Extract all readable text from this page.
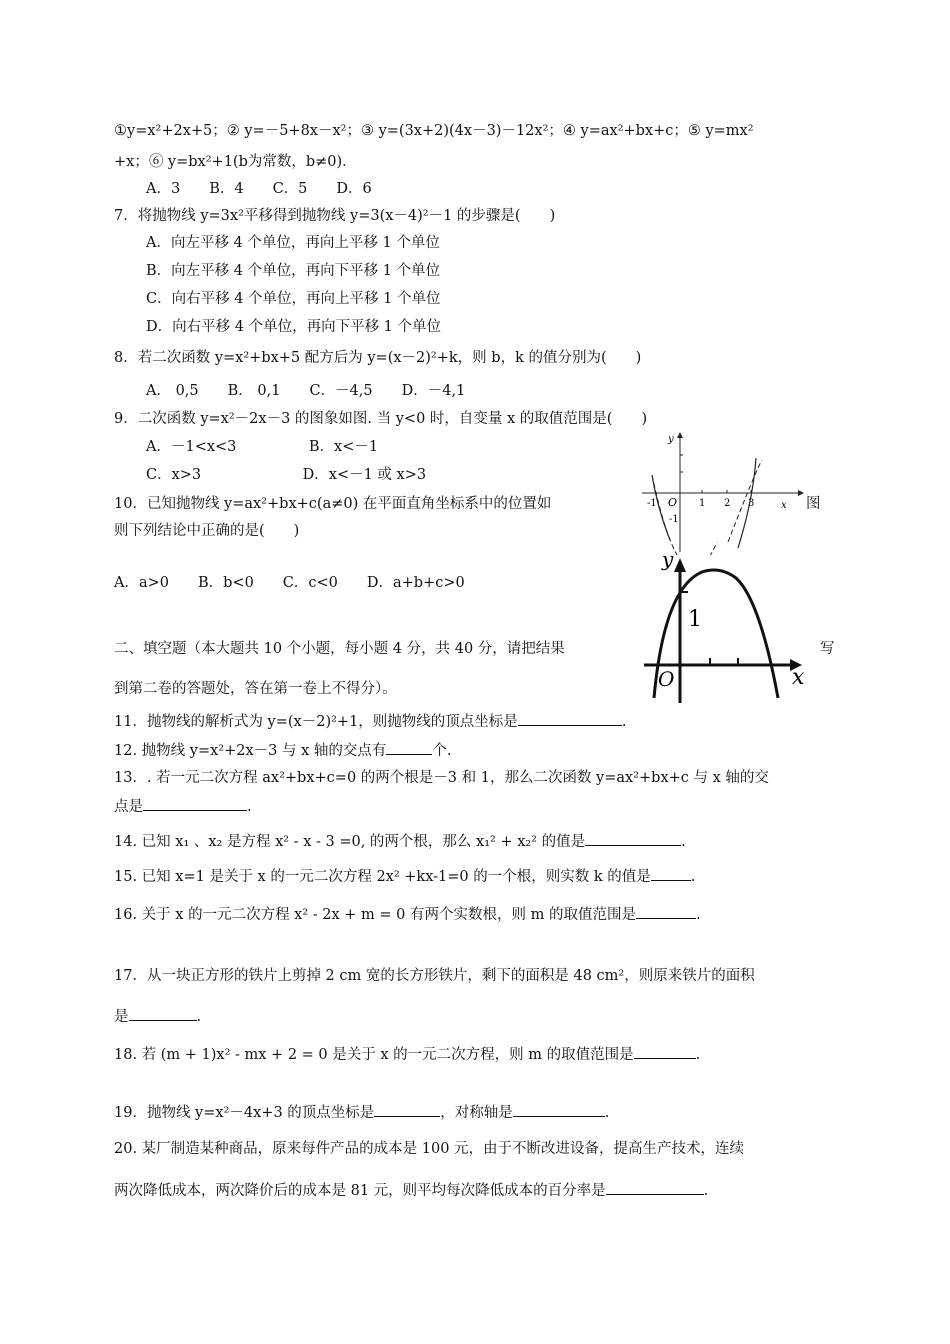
①y=x²+2x+5；② y=－5+8x－x²；③ y=(3x+2)(4x－3)－12x²；④ y=ax²+bx+c；⑤ y=mx²
+x；⑥ y=bx²+1(b为常数，b≠0)．
A．3　　B．4　　C．5　　D．6
7．将抛物线 y=3x²平移得到抛物线 y=3(x－4)²－1 的步骤是(　　)
A．向左平移 4 个单位，再向上平移 1 个单位
B．向左平移 4 个单位，再向下平移 1 个单位
C．向右平移 4 个单位，再向上平移 1 个单位
D．向右平移 4 个单位，再向下平移 1 个单位
8．若二次函数 y=x²+bx+5 配方后为 y=(x－2)²+k，则 b，k 的值分别为(　　)
A． 0,5　　B． 0,1　　C．－4,5　　D．－4,1
9．二次函数 y=x²－2x－3 的图象如图. 当 y<0 时，自变量 x 的取值范围是(　　)
A．－1<x<3　　　　　B．x<－1
C．x>3　　　　　　　D．x<－1 或 x>3
10．已知抛物线 y=ax²+bx+c(a≠0) 在平面直角坐标系中的位置如	图
则下列结论中正确的是(　　)
A．a>0　　B．b<0　　C．c<0　　D．a+b+c>0
二、填空题（本大题共 10 个小题，每小题 4 分，共 40 分，请把结果	写
到第二卷的答题处，答在第一卷上不得分）。
11．抛物线的解析式为 y=(x－2)²+1，则抛物线的顶点坐标是	.
12. 抛物线 y=x²+2x－3 与 x 轴的交点有	个.
13．. 若一元二次方程 ax²+bx+c=0 的两个根是－3 和 1，那么二次函数 y=ax²+bx+c 与 x 轴的交
点是	.
14. 已知 x₁ 、x₂ 是方程 x² - x - 3 =0, 的两个根，那么 x₁² + x₂² 的值是	.
15. 已知 x=1 是关于 x 的一元二次方程 2x² +kx-1=0 的一个根，则实数 k 的值是	.
16. 关于 x 的一元二次方程 x² - 2x + m = 0 有两个实数根，则 m 的取值范围是	.
17．从一块正方形的铁片上剪掉 2 cm 宽的长方形铁片，剩下的面积是 48 cm²，则原来铁片的面积
是	.
18. 若 (m + 1)x² - mx + 2 = 0 是关于 x 的一元二次方程，则 m 的取值范围是	.
19．抛物线 y=x²－4x+3 的顶点坐标是	，对称轴是	.
20. 某厂制造某种商品，原来每件产品的成本是 100 元，由于不断改进设备，提高生产技术，连续
两次降低成本，两次降价后的成本是 81 元，则平均每次降低成本的百分率是	.
y
x
O
-1	1 2 3
-1
y
x
O
1
